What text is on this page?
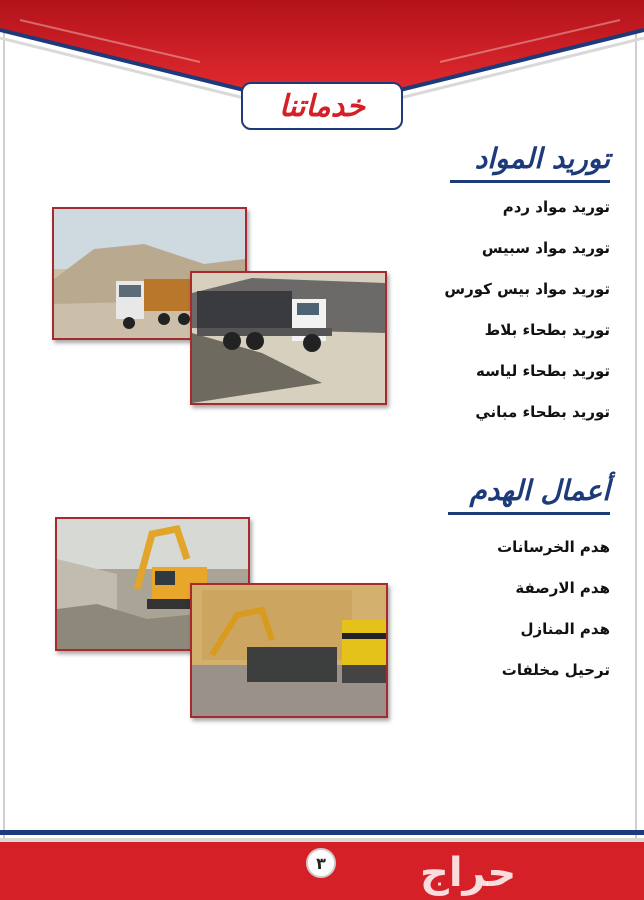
خدماتنا
توريد المواد
توريد مواد ردم
توريد مواد سبيس
توريد مواد بيس كورس
توريد بطحاء بلاط
توريد بطحاء لياسه
توريد بطحاء مباني
أعمال الهدم
هدم الخرسانات
هدم الارصفة
هدم المنازل
ترحيل مخلفات
٣ حراج
